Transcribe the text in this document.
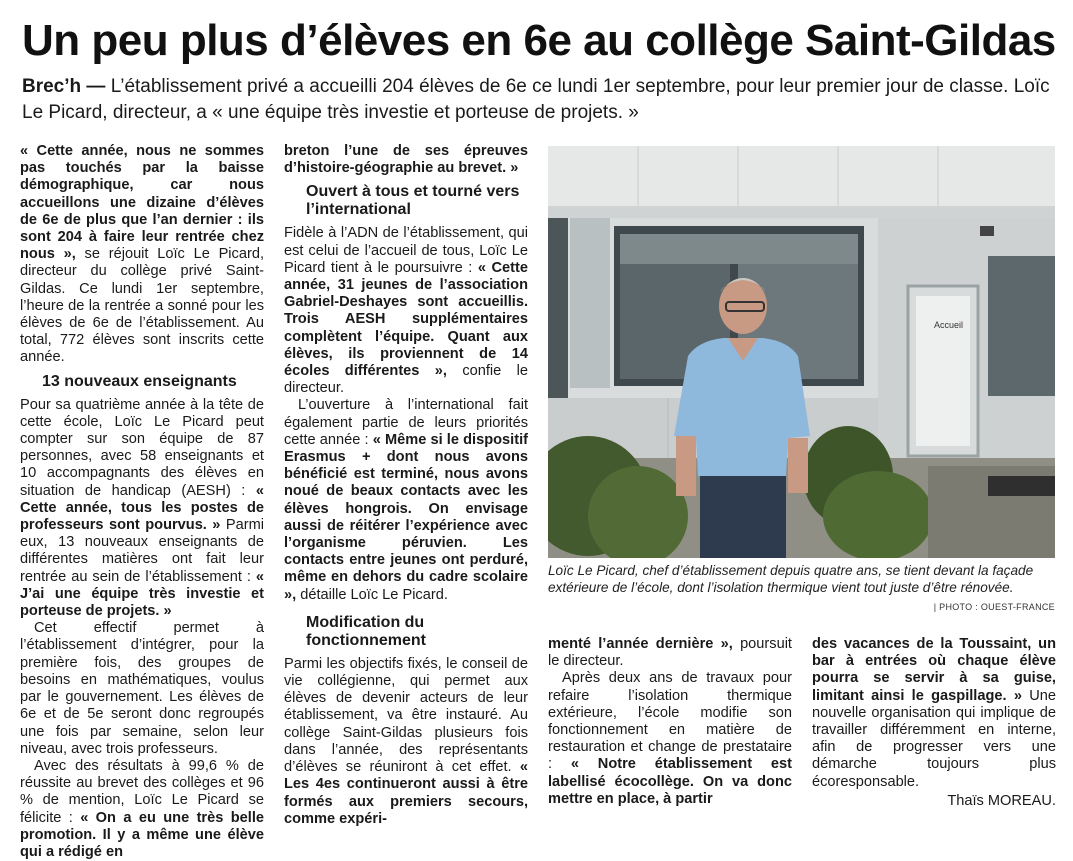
Un peu plus d’élèves en 6e au collège Saint-Gildas
Brec’h — L’établissement privé a accueilli 204 élèves de 6e ce lundi 1er septembre, pour leur premier jour de classe. Loïc Le Picard, directeur, a « une équipe très investie et porteuse de projets. »

« Cette année, nous ne sommes pas touchés par la baisse démographique, car nous accueillons une dizaine d’élèves de 6e de plus que l’an dernier : ils sont 204 à faire leur rentrée chez nous », se réjouit Loïc Le Picard, directeur du collège privé Saint-Gildas. Ce lundi 1er septembre, l’heure de la rentrée a sonné pour les élèves de 6e de l’établissement. Au total, 772 élèves sont inscrits cette année.

13 nouveaux enseignants

Pour sa quatrième année à la tête de cette école, Loïc Le Picard peut compter sur son équipe de 87 personnes, avec 58 enseignants et 10 accompagnants des élèves en situation de handicap (AESH) : « Cette année, tous les postes de professeurs sont pourvus. » Parmi eux, 13 nouveaux enseignants de différentes matières ont fait leur rentrée au sein de l’établissement : « J’ai une équipe très investie et porteuse de projets. »

Cet effectif permet à l’établissement d’intégrer, pour la première fois, des groupes de besoins en mathématiques, voulus par le gouvernement. Les élèves de 6e et de 5e seront donc regroupés une fois par semaine, selon leur niveau, avec trois professeurs.

Avec des résultats à 99,6 % de réussite au brevet des collèges et 96 % de mention, Loïc Le Picard se félicite : « On a eu une très belle promotion. Il y a même une élève qui a rédigé en

breton l’une de ses épreuves d’histoire-géographie au brevet. »

Ouvert à tous et tourné vers l’international

Fidèle à l’ADN de l’établissement, qui est celui de l’accueil de tous, Loïc Le Picard tient à le poursuivre : « Cette année, 31 jeunes de l’association Gabriel-Deshayes sont accueillis. Trois AESH supplémentaires complètent l’équipe. Quant aux élèves, ils proviennent de 14 écoles différentes », confie le directeur.

L’ouverture à l’international fait également partie de leurs priorités cette année : « Même si le dispositif Erasmus + dont nous avons bénéficié est terminé, nous avons noué de beaux contacts avec les élèves hongrois. On envisage aussi de réitérer l’expérience avec l’organisme péruvien. Les contacts entre jeunes ont perduré, même en dehors du cadre scolaire », détaille Loïc Le Picard.

Modification du fonctionnement

Parmi les objectifs fixés, le conseil de vie collégienne, qui permet aux élèves de devenir acteurs de leur établissement, va être instauré. Au collège Saint-Gildas plusieurs fois dans l’année, des représentants d’élèves se réuniront à cet effet. « Les 4es continueront aussi à être formés aux premiers secours, comme expéri-

Accueil
Loïc Le Picard, chef d’établissement depuis quatre ans, se tient devant la façade extérieure de l’école, dont l’isolation thermique vient tout juste d’être rénovée.
| PHOTO : OUEST-FRANCE

menté l’année dernière », poursuit le directeur.

Après deux ans de travaux pour refaire l’isolation thermique extérieure, l’école modifie son fonctionnement en matière de restauration et change de prestataire : « Notre établissement est labellisé écocollège. On va donc mettre en place, à partir

des vacances de la Toussaint, un bar à entrées où chaque élève pourra se servir à sa guise, limitant ainsi le gaspillage. » Une nouvelle organisation qui implique de travailler différemment en interne, afin de progresser vers une démarche toujours plus écoresponsable.

Thaïs MOREAU.
